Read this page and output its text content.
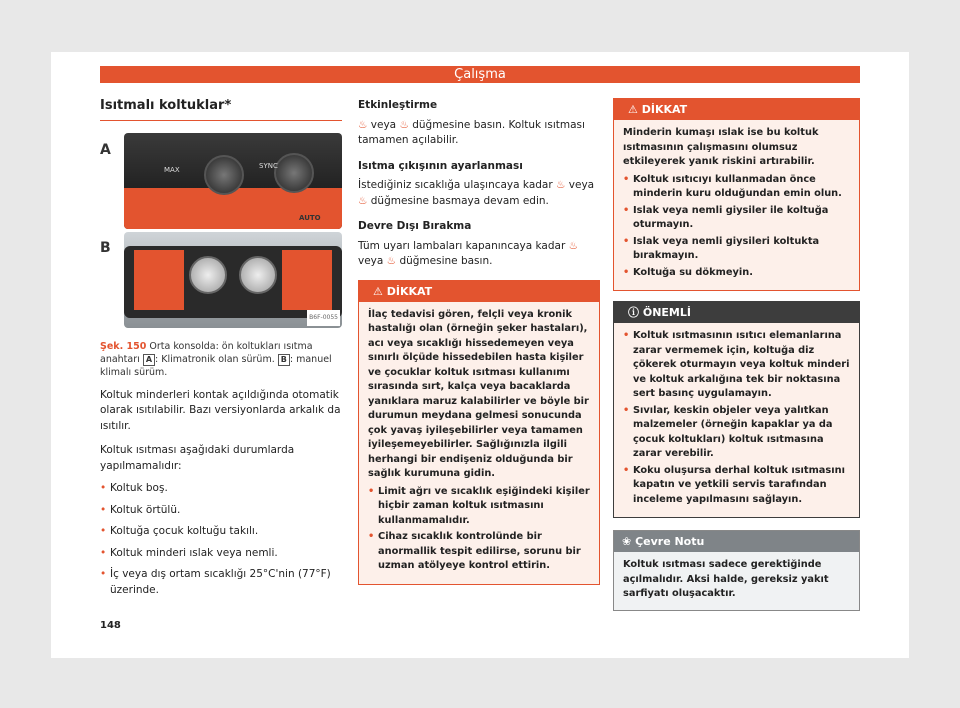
Çalışma
Isıtmalı koltuklar*
A
MAX	SYNC
AUTO
B
B6F-0055
Şek. 150 Orta konsolda: ön koltukları ısıtma anahtarı A : Klimatronik olan sürüm. B : manuel klimalı sürüm.

Koltuk minderleri kontak açıldığında otomatik olarak ısıtılabilir. Bazı versiyonlarda arkalık da ısıtılır.

Koltuk ısıtması aşağıdaki durumlarda yapılmamalıdır:

• Koltuk boş.
• Koltuk örtülü.
• Koltuğa çocuk koltuğu takılı.
• Koltuk minderi ıslak veya nemli.
• İç veya dış ortam sıcaklığı 25°C'nin (77°F) üzerinde.
Etkinleştirme

♨ veya ♨ düğmesine basın. Koltuk ısıtması tamamen açılabilir.

Isıtma çıkışının ayarlanması

İstediğiniz sıcaklığa ulaşıncaya kadar ♨ veya ♨ düğmesine basmaya devam edin.

Devre Dışı Bırakma

Tüm uyarı lambaları kapanıncaya kadar ♨ veya ♨ düğmesine basın.

⚠ DİKKAT
İlaç tedavisi gören, felçli veya kronik hastalığı olan (örneğin şeker hastaları), acı veya sıcaklığı hissedemeyen veya sınırlı ölçüde hissedebilen hasta kişiler ve çocuklar koltuk ısıtması kullanımı sırasında sırt, kalça veya bacaklarda yanıklara maruz kalabilirler ve böyle bir durumun meydana gelmesi sonucunda çok yavaş iyileşebilirler veya tamamen iyileşemeyebilirler. Sağlığınızla ilgili herhangi bir endişeniz olduğunda bir sağlık kurumuna gidin.
• Limit ağrı ve sıcaklık eşiğindeki kişiler hiçbir zaman koltuk ısıtmasını kullanmamalıdır.
• Cihaz sıcaklık kontrolünde bir anormallik tespit edilirse, sorunu bir uzman atölyeye kontrol ettirin.
⚠ DİKKAT
Minderin kumaşı ıslak ise bu koltuk ısıtmasının çalışmasını olumsuz etkileyerek yanık riskini artırabilir.
• Koltuk ısıtıcıyı kullanmadan önce minderin kuru olduğundan emin olun.
• Islak veya nemli giysiler ile koltuğa oturmayın.
• Islak veya nemli giysileri koltukta bırakmayın.
• Koltuğa su dökmeyin.
ⓘ ÖNEMLİ
• Koltuk ısıtmasının ısıtıcı elemanlarına zarar vermemek için, koltuğa diz çökerek oturmayın veya koltuk minderi ve koltuk arkalığına tek bir noktasına sert basınç uygulamayın.
• Sıvılar, keskin objeler veya yalıtkan malzemeler (örneğin kapaklar ya da çocuk koltukları) koltuk ısıtmasına zarar verebilir.
• Koku oluşursa derhal koltuk ısıtmasını kapatın ve yetkili servis tarafından inceleme yapılmasını sağlayın.
❀ Çevre Notu
Koltuk ısıtması sadece gerektiğinde açılmalıdır. Aksi halde, gereksiz yakıt sarfiyatı oluşacaktır.
148
